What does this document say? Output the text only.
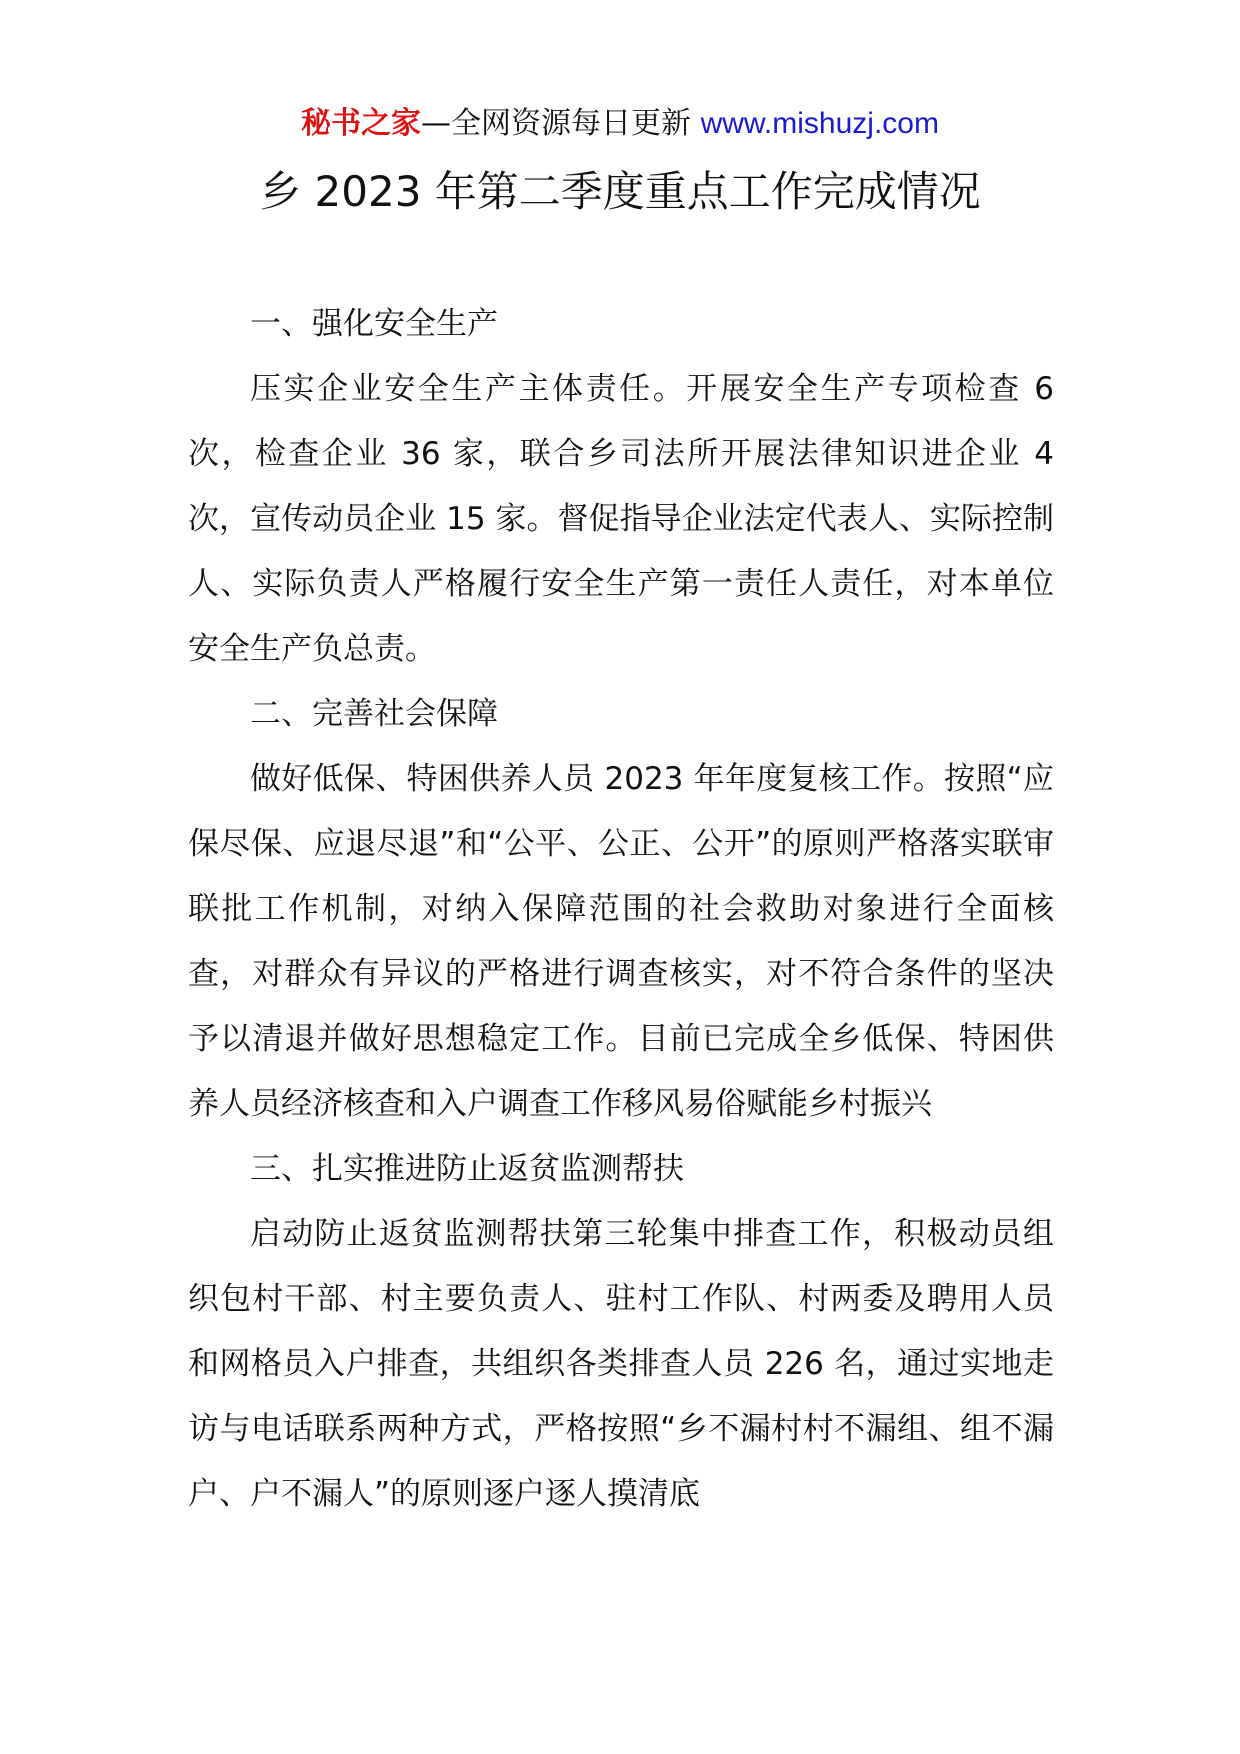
秘书之家—全网资源每日更新 www.mishuzj.com
乡 2023 年第二季度重点工作完成情况

一、强化安全生产

压实企业安全生产主体责任。开展安全生产专项检查 6 次，检查企业 36 家，联合乡司法所开展法律知识进企业 4 次，宣传动员企业 15 家。督促指导企业法定代表人、实际控制人、实际负责人严格履行安全生产第一责任人责任，对本单位安全生产负总责。

二、完善社会保障

做好低保、特困供养人员 2023 年年度复核工作。按照“应保尽保、应退尽退”和“公平、公正、公开”的原则严格落实联审联批工作机制，对纳入保障范围的社会救助对象进行全面核查，对群众有异议的严格进行调查核实，对不符合条件的坚决予以清退并做好思想稳定工作。目前已完成全乡低保、特困供养人员经济核查和入户调查工作移风易俗赋能乡村振兴

三、扎实推进防止返贫监测帮扶

启动防止返贫监测帮扶第三轮集中排查工作，积极动员组织包村干部、村主要负责人、驻村工作队、村两委及聘用人员和网格员入户排查，共组织各类排查人员 226 名，通过实地走访与电话联系两种方式，严格按照“乡不漏村村不漏组、组不漏户、户不漏人”的原则逐户逐人摸清底
